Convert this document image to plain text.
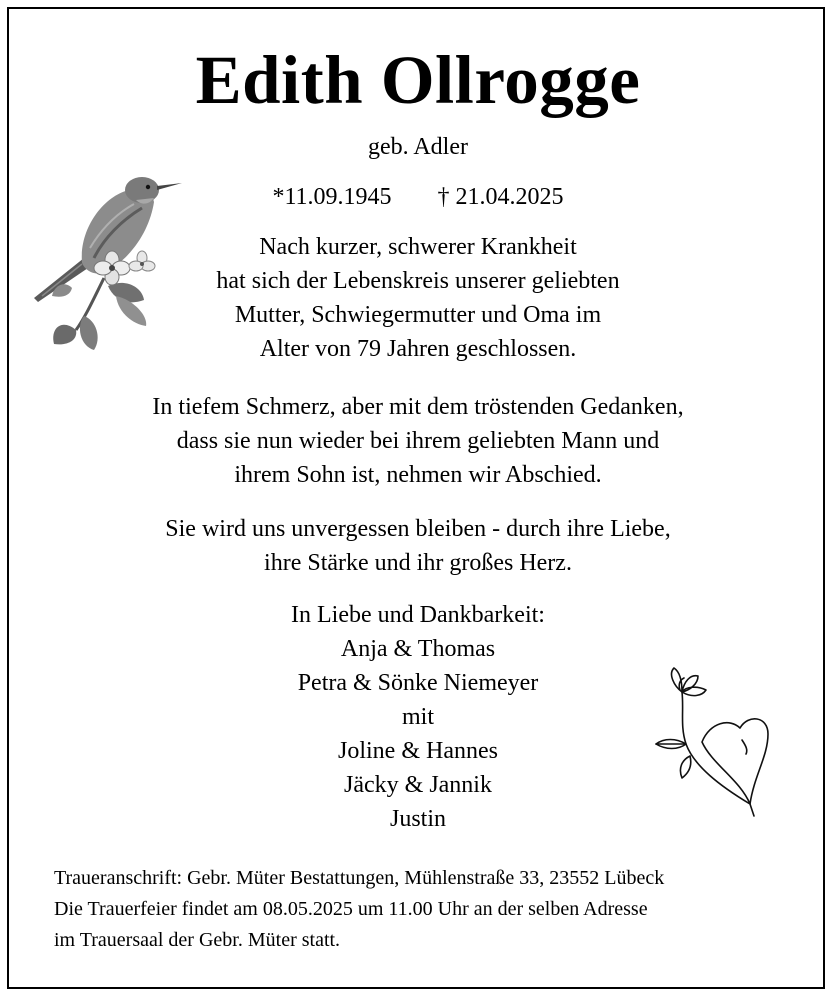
Edith Ollrogge
geb. Adler
*11.09.1945 † 21.04.2025
Nach kurzer, schwerer Krankheit
hat sich der Lebenskreis unserer geliebten
Mutter, Schwiegermutter und Oma im
Alter von 79 Jahren geschlossen.
In tiefem Schmerz, aber mit dem tröstenden Gedanken,
dass sie nun wieder bei ihrem geliebten Mann und
ihrem Sohn ist, nehmen wir Abschied.
Sie wird uns unvergessen bleiben - durch ihre Liebe,
ihre Stärke und ihr großes Herz.
In Liebe und Dankbarkeit:
Anja & Thomas
Petra & Sönke Niemeyer
mit
Joline & Hannes
Jäcky & Jannik
Justin
Traueranschrift: Gebr. Müter Bestattungen, Mühlenstraße 33, 23552 Lübeck
Die Trauerfeier findet am 08.05.2025 um 11.00 Uhr an der selben Adresse
im Trauersaal der Gebr. Müter statt.
